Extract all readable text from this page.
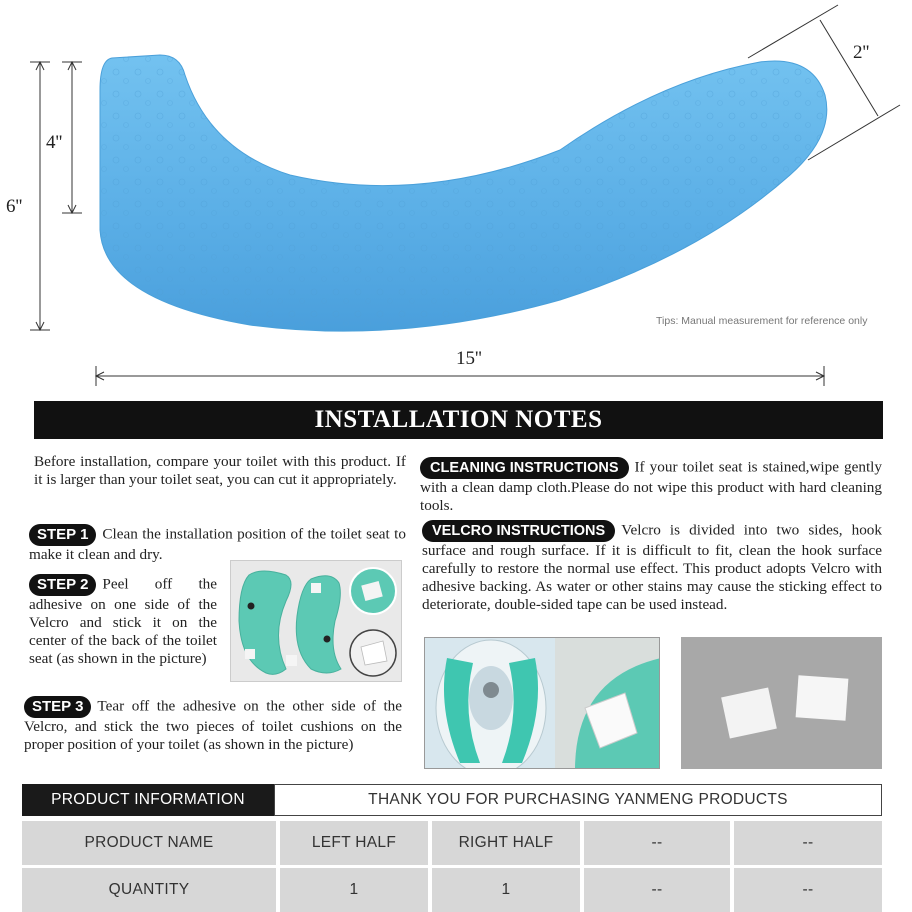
6''
4''
2''
15''
Tips: Manual measurement for reference only
INSTALLATION NOTES
Before installation, compare your toilet with this product. If it is larger than your toilet seat, you can cut it appropriately.
STEP 1 Clean the installation position of the toilet seat to make it clean and dry.
STEP 2 Peel off the adhesive on one side of the Velcro and stick it on the center of the back of the toilet seat (as shown in the picture)
STEP 3 Tear off the adhesive on the other side of the Velcro, and stick the two pieces of toilet cushions on the proper position of your toilet (as shown in the picture)
CLEANING INSTRUCTIONS If your toilet seat is stained,wipe gently with a clean damp cloth.Please do not wipe this product with hard cleaning tools.
VELCRO INSTRUCTIONS Velcro is divided into two sides, hook surface and rough surface. If it is difficult to fit, clean the hook surface carefully to restore the normal use effect. This product adopts Velcro with adhesive backing. As water or other stains may cause the sticking effect to deteriorate, double-sided tape can be used instead.
PRODUCT INFORMATION	THANK YOU FOR PURCHASING YANMENG PRODUCTS
PRODUCT NAME	LEFT HALF	RIGHT HALF	--	--
QUANTITY	1	1	--	--
